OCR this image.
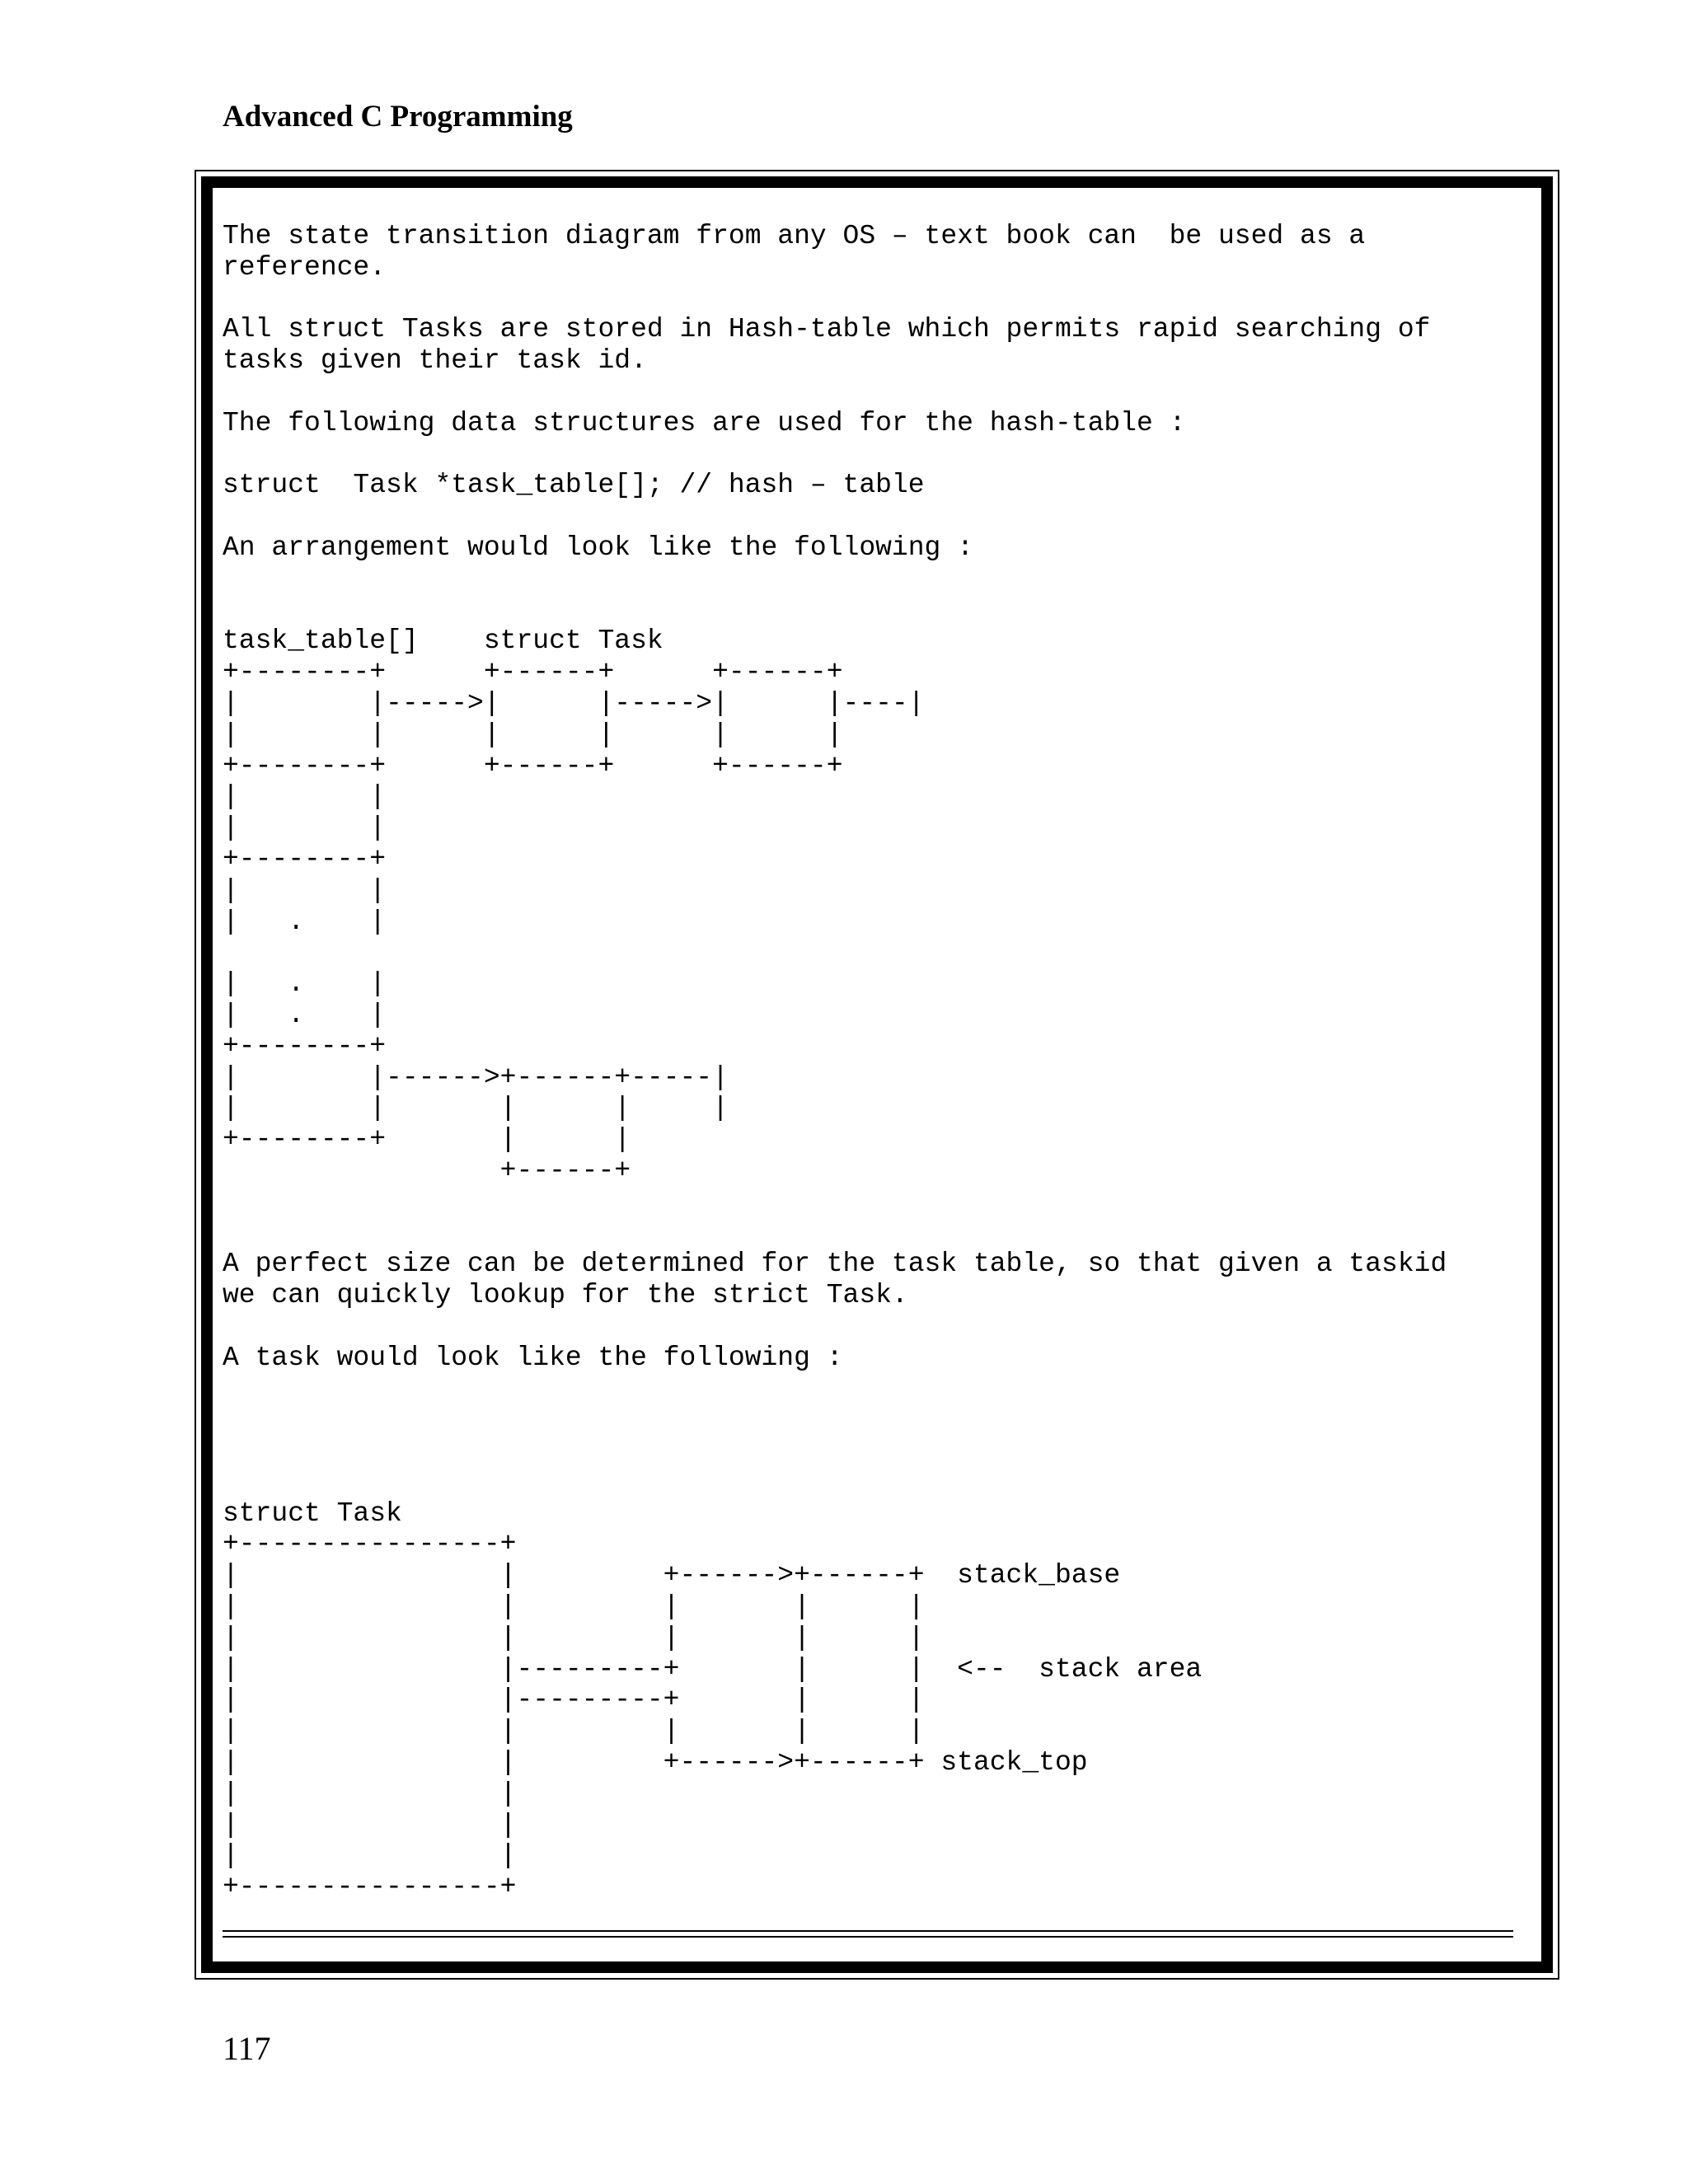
Advanced C Programming
The state transition diagram from any OS – text book can  be used as a
reference.

All struct Tasks are stored in Hash-table which permits rapid searching of
tasks given their task id.

The following data structures are used for the hash-table :

struct  Task *task_table[]; // hash – table

An arrangement would look like the following :

task_table[]    struct Task
+--------+      +------+      +------+
|        |----->|      |----->|      |----|
|        |      |      |      |      |
+--------+      +------+      +------+
|        |
|        |
+--------+
|        |
|   .    |

|   .    |
|   .    |
+--------+
|        |------>+------+-----|
|        |       |      |     |
+--------+       |      |
+------+

A perfect size can be determined for the task table, so that given a taskid
we can quickly lookup for the strict Task.

A task would look like the following :

struct Task
+----------------+
|                |         +------>+------+  stack_base
|                |         |       |      |
|                |         |       |      |
|                |---------+       |      |  <--  stack area
|                |---------+       |      |
|                |         |       |      |
|                |         +------>+------+ stack_top
|                |
|                |
|                |
+----------------+

117
